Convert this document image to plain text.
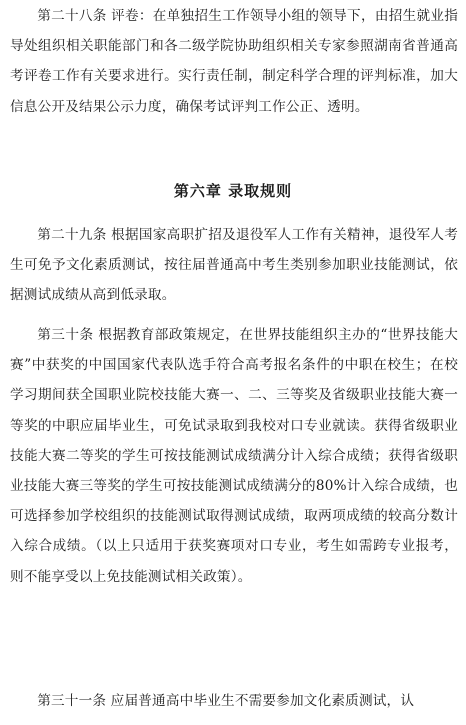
第二十八条 评卷：在单独招生工作领导小组的领导下，由招生就业指导处组织相关职能部门和各二级学院协助组织相关专家参照湖南省普通高考评卷工作有关要求进行。实行责任制，制定科学合理的评判标准，加大信息公开及结果公示力度，确保考试评判工作公正、透明。

第六章 录取规则

第二十九条 根据国家高职扩招及退役军人工作有关精神，退役军人考生可免予文化素质测试，按往届普通高中考生类别参加职业技能测试，依据测试成绩从高到低录取。

第三十条 根据教育部政策规定，在世界技能组织主办的“世界技能大赛”中获奖的中国国家代表队选手符合高考报名条件的中职在校生；在校学习期间获全国职业院校技能大赛一、二、三等奖及省级职业技能大赛一等奖的中职应届毕业生，可免试录取到我校对口专业就读。获得省级职业技能大赛二等奖的学生可按技能测试成绩满分计入综合成绩；获得省级职业技能大赛三等奖的学生可按技能测试成绩满分的80%计入综合成绩，也可选择参加学校组织的技能测试取得测试成绩，取两项成绩的较高分数计入综合成绩。（以上只适用于获奖赛项对口专业，考生如需跨专业报考，则不能享受以上免技能测试相关政策）。

第三十一条 应届普通高中毕业生不需要参加文化素质测试，认
